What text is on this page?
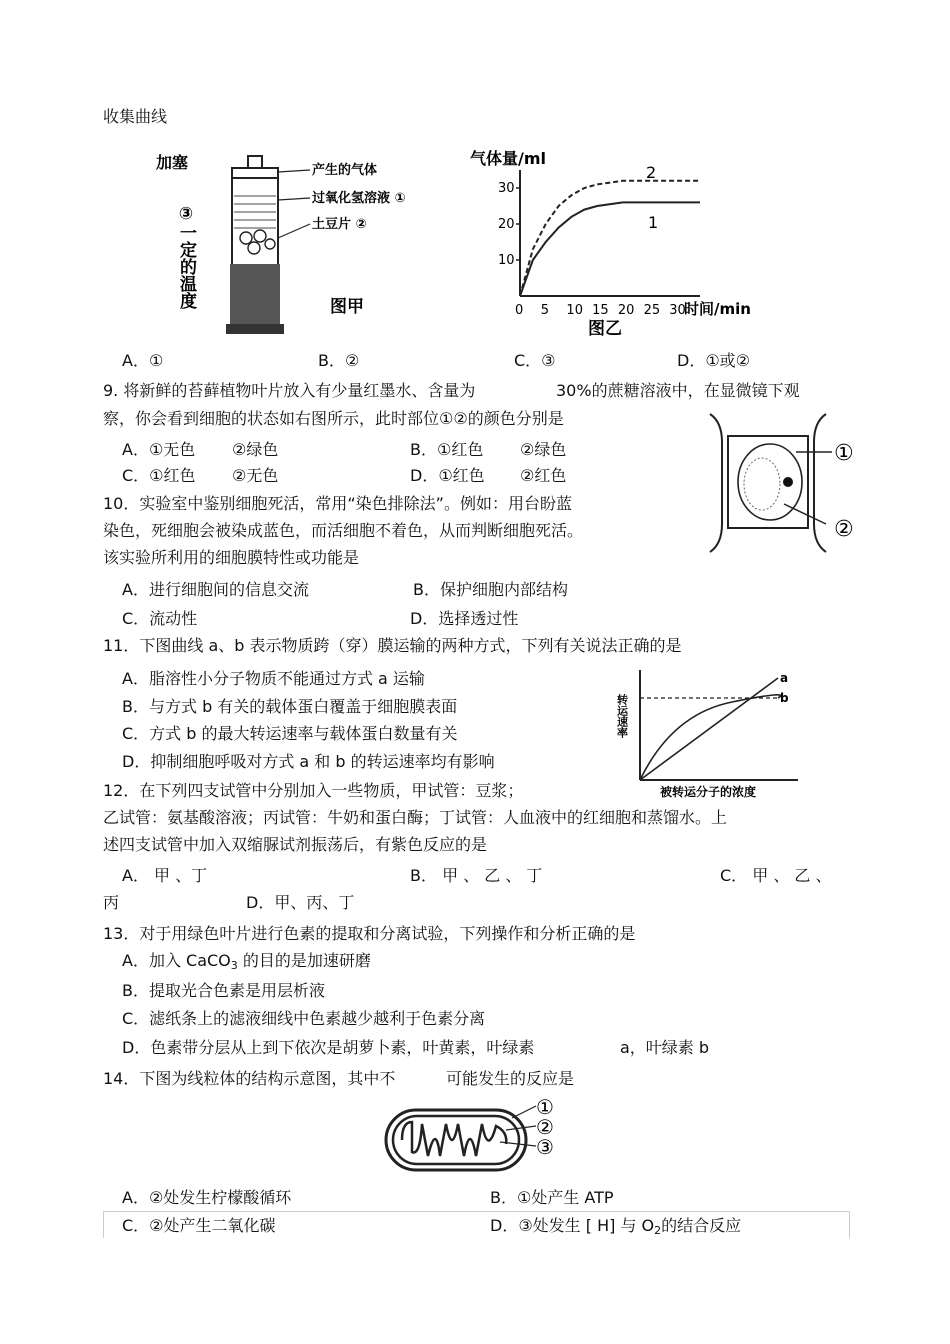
收集曲线
加塞	产生的气体
过氧化氢溶液 ①
土豆片 ②
③一定的温度	图甲
气体量/ml
10
20
30
0 5 10 15 20 25 30
时间/min
图乙
2
1
A．①	B．②	C．③	D．①或②
9. 将新鲜的苔藓植物叶片放入有少量红墨水、含量为	30%的蔗糖溶液中，在显微镜下观
察，你会看到细胞的状态如右图所示，此时部位①②的颜色分别是
A．①无色 ②绿色	B．①红色 ②绿色
C．①红色 ②无色	D．①红色 ②红色
①
②
10．实验室中鉴别细胞死活，常用“染色排除法”。例如：用台盼蓝
染色，死细胞会被染成蓝色，而活细胞不着色，从而判断细胞死活。
该实验所利用的细胞膜特性或功能是
A．进行细胞间的信息交流	B．保护细胞内部结构
C．流动性	D．选择透过性
11．下图曲线 a、b 表示物质跨（穿）膜运输的两种方式，下列有关说法正确的是
A．脂溶性小分子物质不能通过方式 a 运输
B．与方式 b 有关的载体蛋白覆盖于细胞膜表面
C．方式 b 的最大转运速率与载体蛋白数量有关
D．抑制细胞呼吸对方式 a 和 b 的转运速率均有影响
a
b
转运速率
被转运分子的浓度
12．在下列四支试管中分别加入一些物质，甲试管：豆浆；
乙试管：氨基酸溶液；丙试管：牛奶和蛋白酶；丁试管：人血液中的红细胞和蒸馏水。上
述四支试管中加入双缩脲试剂振荡后，有紫色反应的是
A． 甲 、丁	B． 甲 、 乙 、 丁	C． 甲 、 乙 、
丙	D．甲、丙、丁
13．对于用绿色叶片进行色素的提取和分离试验，下列操作和分析正确的是
A．加入 CaCO$_3$ 的目的是加速研磨
B．提取光合色素是用层析液
C．滤纸条上的滤液细线中色素越少越利于色素分离
D．色素带分层从上到下依次是胡萝卜素，叶黄素，叶绿素	a，叶绿素 b
14．下图为线粒体的结构示意图，其中不	可能发生的反应是
①
②
③
A．②处发生柠檬酸循环	B．①处产生 ATP
C．②处产生二氧化碳	D．③处发生 [ H] 与 $O_2$的结合反应
